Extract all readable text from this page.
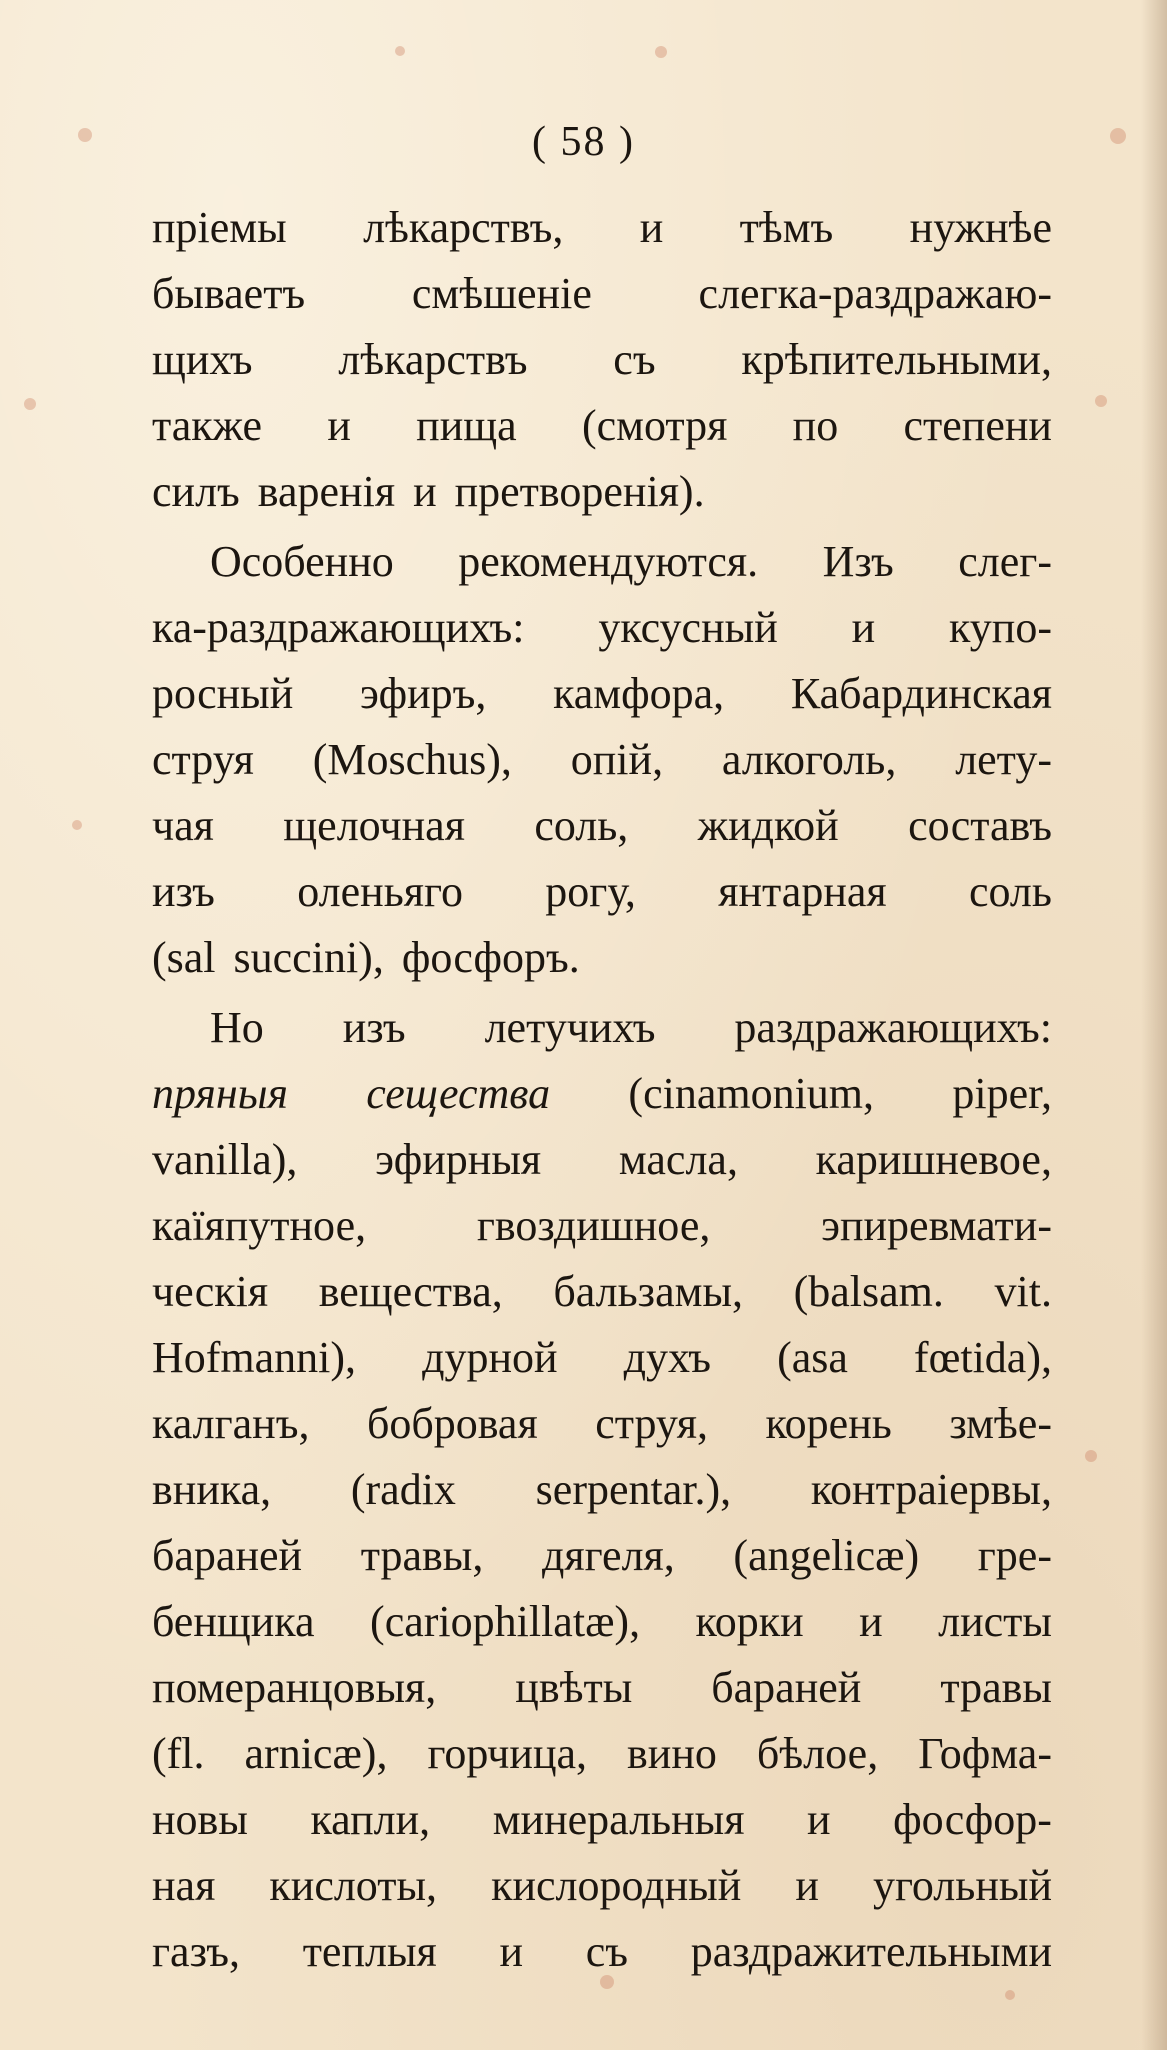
( 58 )
пріемы лѣкарствъ, и тѣмъ нужнѣе
бываетъ смѣшеніе слегка-раздражаю-
щихъ лѣкарствъ съ крѣпительными,
также и пища (смотря по степени
силъ варенія и претворенія).
Особенно рекомендуются. Изъ слег-
ка-раздражающихъ: уксусный и купо-
росный эфиръ, камфора, Кабардинская
струя (Moschus), опій, алкоголь, лету-
чая щелочная соль, жидкой составъ
изъ оленьяго рогу, янтарная соль
(sal succini), фосфоръ.
Но изъ летучихъ раздражающихъ:
пряныя сещества (cinamonium, piper,
vanilla), эфирныя масла, каришневое,
каїяпутное,	гвоздишное,	эпиревмати-
ческія вещества, бальзамы, (balsam. vit.
Hofmanni), дурной духъ (asa fœtida),
калганъ, бобровая струя, корень змѣе-
вника, (radix serpentar.), контраіервы,
бараней травы, дягеля, (angelicæ) гре-
бенщика (cariophillatæ), корки и листы
померанцовыя, цвѣты бараней травы
(fl. arnicæ), горчица, вино бѣлое, Гофма-
новы капли, минеральныя и фосфор-
ная кислоты, кислородный и угольный
газъ, теплыя и съ раздражительными
